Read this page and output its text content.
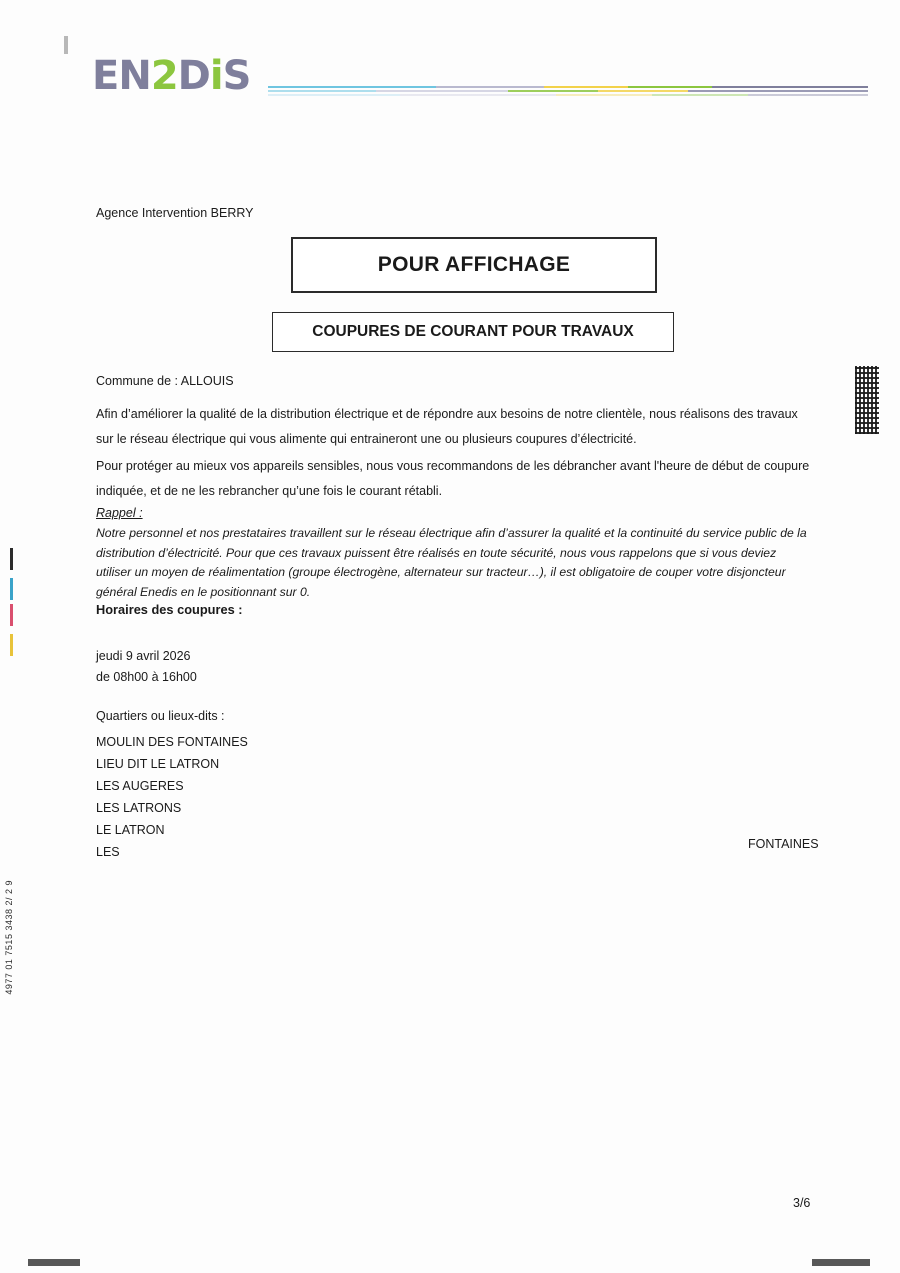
EN2DiS
Agence Intervention BERRY
POUR AFFICHAGE
COUPURES DE COURANT POUR TRAVAUX
Commune de : ALLOUIS
Afin d’améliorer la qualité de la distribution électrique et de répondre aux besoins de notre clientèle, nous réalisons des travaux sur le réseau électrique qui vous alimente qui entraineront une ou plusieurs coupures d’électricité.
Pour protéger au mieux vos appareils sensibles, nous vous recommandons de les débrancher avant l'heure de début de coupure indiquée, et de ne les rebrancher qu’une fois le courant rétabli.
Rappel :
Notre personnel et nos prestataires travaillent sur le réseau électrique afin d’assurer la qualité et la continuité du service public de la distribution d’électricité. Pour que ces travaux puissent être réalisés en toute sécurité, nous vous rappelons que si vous deviez utiliser un moyen de réalimentation (groupe électrogène, alternateur sur tracteur…), il est obligatoire de couper votre disjoncteur général Enedis en le positionnant sur 0.
Horaires des coupures :
jeudi 9 avril 2026
de 08h00 à 16h00
Quartiers ou lieux-dits :
MOULIN DES FONTAINES
LIEU DIT LE LATRON
LES AUGERES
LES LATRONS
LE LATRON
LES
FONTAINES
4977 01 7515 3438 2/ 2 9
3/6
